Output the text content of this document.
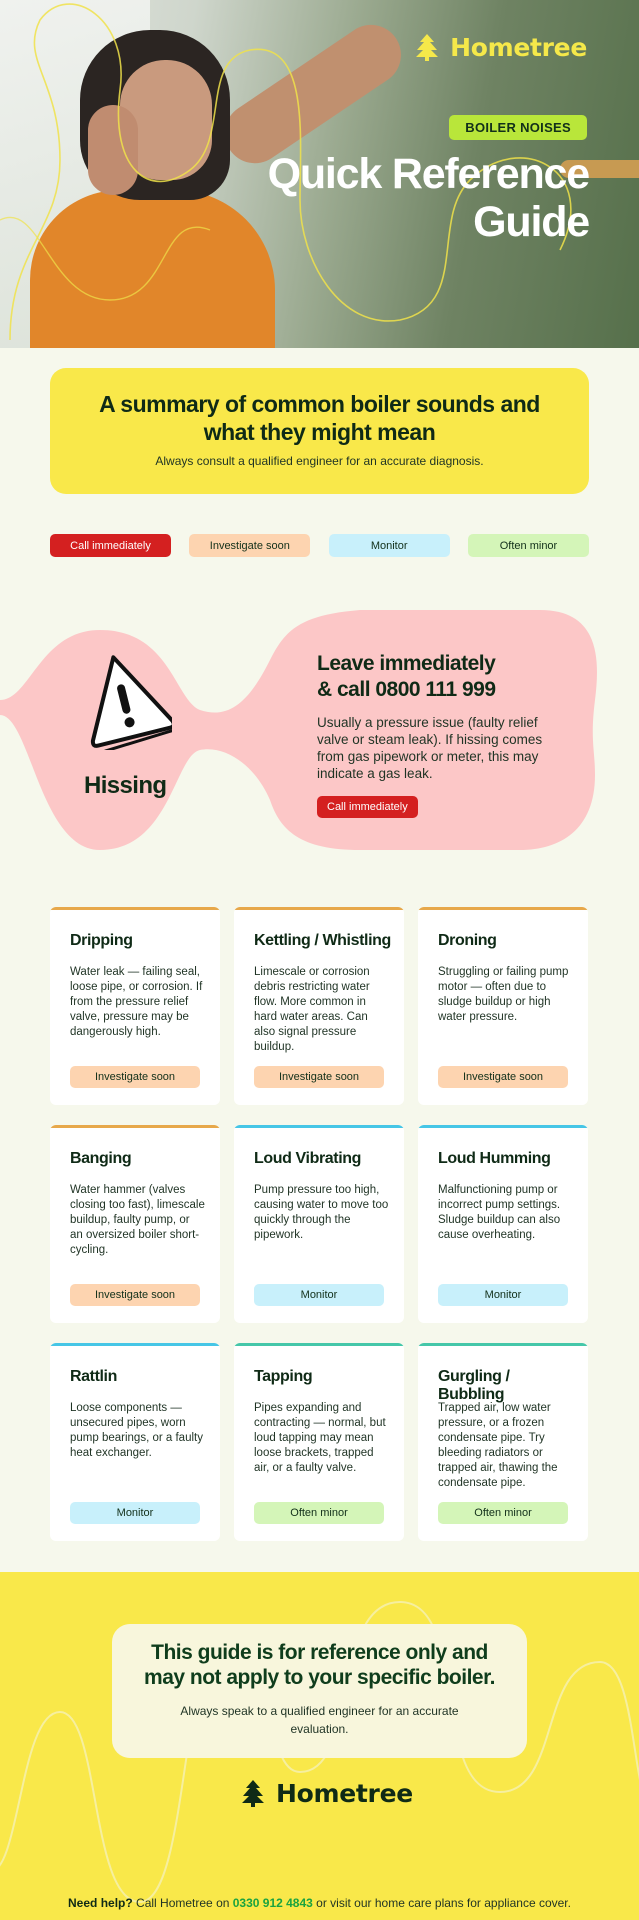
Hometree
BOILER NOISES
Quick Reference
Guide
A summary of common boiler sounds and what they might mean

Always consult a qualified engineer for an accurate diagnosis.

Call immediately	Investigate soon	Monitor	Often minor
Hissing
Leave immediately
& call 0800 111 999
Usually a pressure issue (faulty relief valve or steam leak). If hissing comes from gas pipework or meter, this may indicate a gas leak.
Call immediately
Dripping

Water leak — failing seal, loose pipe, or corrosion. If from the pressure relief valve, pressure may be dangerously high.

Investigate soon
Kettling / Whistling

Limescale or corrosion debris restricting water flow. More common in hard water areas. Can also signal pressure buildup.

Investigate soon
Droning

Struggling or failing pump motor — often due to sludge buildup or high water pressure.

Investigate soon
Banging

Water hammer (valves closing too fast), limescale buildup, faulty pump, or an oversized boiler short-cycling.

Investigate soon
Loud Vibrating

Pump pressure too high, causing water to move too quickly through the pipework.

Monitor
Loud Humming

Malfunctioning pump or incorrect pump settings. Sludge buildup can also cause overheating.

Monitor
Rattlin

Loose components — unsecured pipes, worn pump bearings, or a faulty heat exchanger.

Monitor
Tapping

Pipes expanding and contracting — normal, but loud tapping may mean loose brackets, trapped air, or a faulty valve.

Often minor
Gurgling / Bubbling

Trapped air, low water pressure, or a frozen condensate pipe. Try bleeding radiators or trapped air, thawing the condensate pipe.

Often minor
This guide is for reference only and may not apply to your specific boiler.

Always speak to a qualified engineer for an accurate evaluation.

Hometree
Need help? Call Hometree on 0330 912 4843 or visit our home care plans for appliance cover.
